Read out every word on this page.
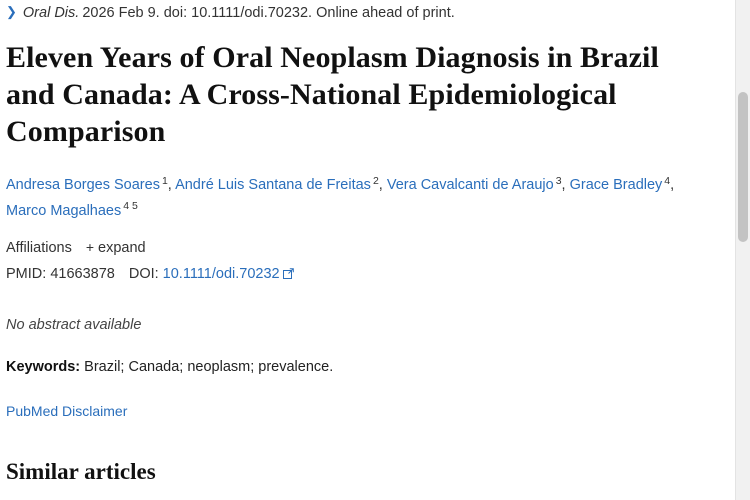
❯ Oral Dis. 2026 Feb 9. doi: 10.1111/odi.70232. Online ahead of print.
Eleven Years of Oral Neoplasm Diagnosis in Brazil and Canada: A Cross-National Epidemiological Comparison
Andresa Borges Soares $^1$, André Luis Santana de Freitas $^2$, Vera Cavalcanti de Araujo $^3$, Grace Bradley $^4$, Marco Magalhaes $^{4 5}$
Affiliations + expand
PMID: 41663878 DOI: 10.1111/odi.70232
No abstract available
Keywords: Brazil; Canada; neoplasm; prevalence.
PubMed Disclaimer
Similar articles
